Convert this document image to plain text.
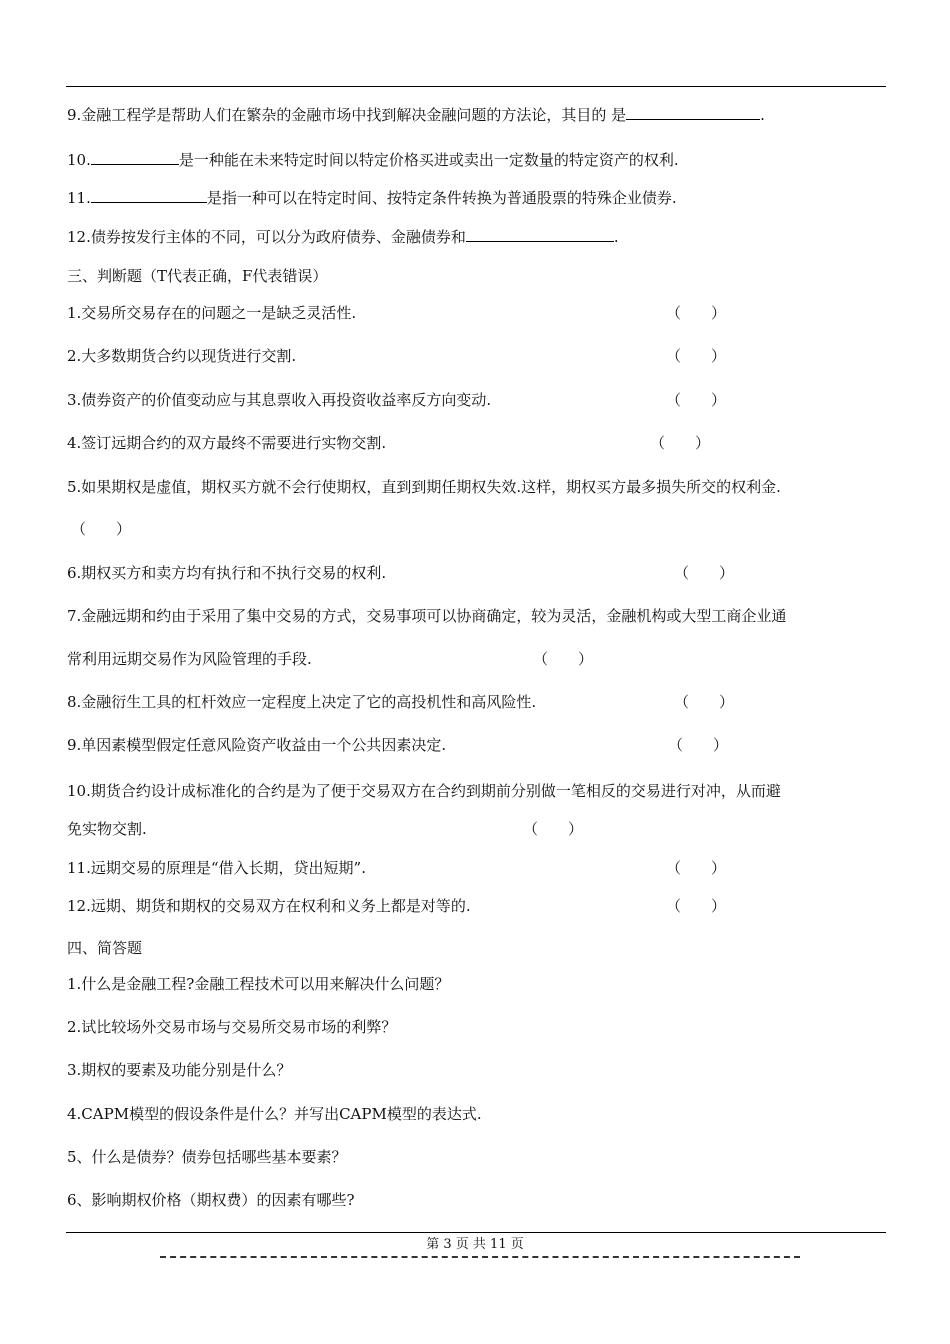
9.金融工程学是帮助人们在繁杂的金融市场中找到解决金融问题的方法论，其目的 是	.
10.	是一种能在未来特定时间以特定价格买进或卖出一定数量的特定资产的权利.
11.	是指一种可以在特定时间、按特定条件转换为普通股票的特殊企业债券.
12.债券按发行主体的不同，可以分为政府债券、金融债券和	.
三、判断题（T代表正确，F代表错误）
1.交易所交易存在的问题之一是缺乏灵活性.	（　　）
2.大多数期货合约以现货进行交割.	（　　）
3.债券资产的价值变动应与其息票收入再投资收益率反方向变动.	（　　）
4.签订远期合约的双方最终不需要进行实物交割.	（　　）
5.如果期权是虚值，期权买方就不会行使期权，直到到期任期权失效.这样，期权买方最多损失所交的权利金.
（　　）
6.期权买方和卖方均有执行和不执行交易的权利.	（　　）
7.金融远期和约由于采用了集中交易的方式，交易事项可以协商确定，较为灵活，金融机构或大型工商企业通
常利用远期交易作为风险管理的手段.	（　　）
8.金融衍生工具的杠杆效应一定程度上决定了它的高投机性和高风险性.	（　　）
9.单因素模型假定任意风险资产收益由一个公共因素决定.	（　　）
10.期货合约设计成标准化的合约是为了便于交易双方在合约到期前分别做一笔相反的交易进行对冲，从而避
免实物交割.	（　　）
11.远期交易的原理是“借入长期，贷出短期”.	（　　）
12.远期、期货和期权的交易双方在权利和义务上都是对等的.	（　　）
四、简答题
1.什么是金融工程?金融工程技术可以用来解决什么问题？
2.试比较场外交易市场与交易所交易市场的利弊？
3.期权的要素及功能分别是什么？
4.CAPM模型的假设条件是什么？并写出CAPM模型的表达式.
5、什么是债券？债券包括哪些基本要素？
6、影响期权价格（期权费）的因素有哪些?
第 3 页 共 11 页
